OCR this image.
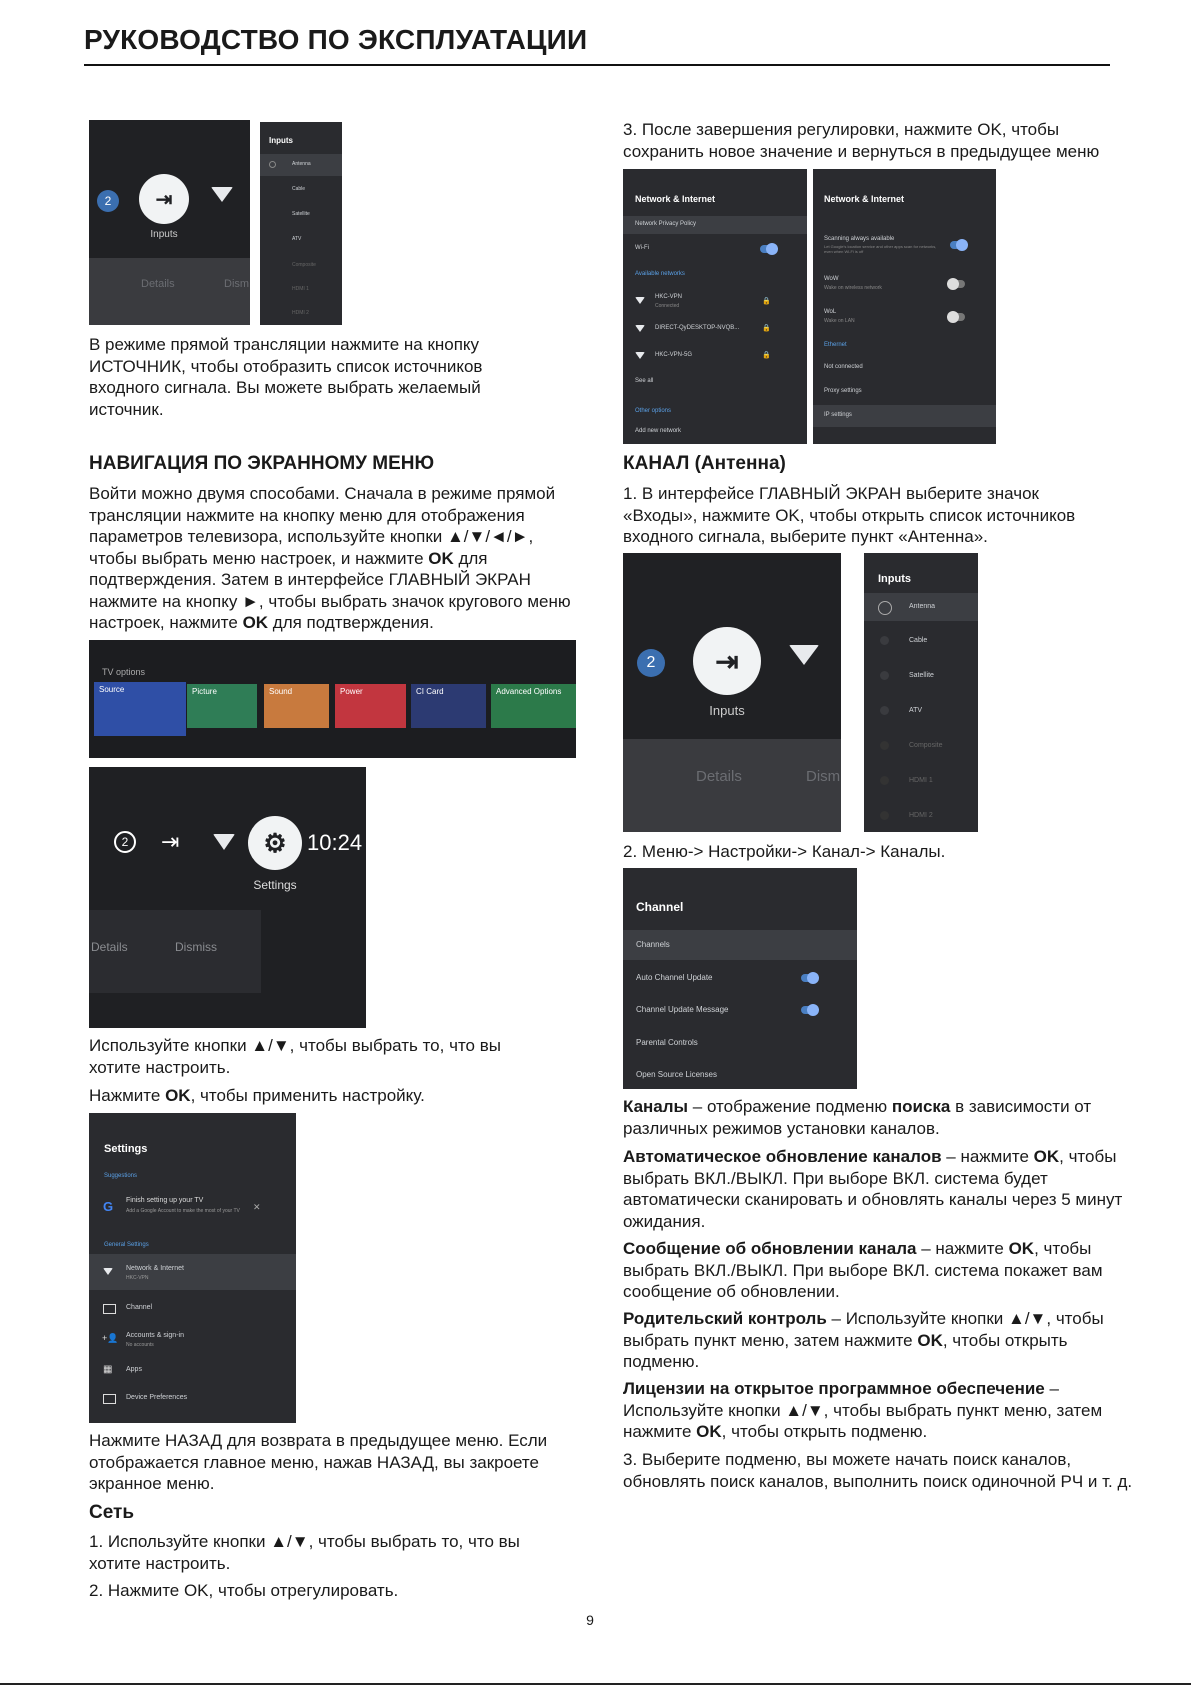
РУКОВОДСТВО ПО ЭКСПЛУАТАЦИИ
2	⇥
Inputs
Details	Dism
Inputs
Antenna
Cable
Satellite
ATV
Composite
HDMI 1
HDMI 2
В режиме прямой трансляции нажмите на кнопку ИСТОЧНИК, чтобы отобразить список источников входного сигнала. Вы можете выбрать желаемый источник.
НАВИГАЦИЯ ПО ЭКРАННОМУ МЕНЮ
Войти можно двумя способами. Сначала в режиме прямой трансляции нажмите на кнопку меню для отображения параметров телевизора, используйте кнопки ▲/▼/◄/►, чтобы выбрать меню настроек, и нажмите OK для подтверждения. Затем в интерфейсе ГЛАВНЫЙ ЭКРАН нажмите на кнопку ►, чтобы выбрать значок кругового меню настроек, нажмите OK для подтверждения.
TV options
Source	Picture	Sound	Power	CI Card	Advanced Options
2	⇥	⚙ 10:24
Settings
Details	Dismiss
Используйте кнопки ▲/▼, чтобы выбрать то, что вы хотите настроить.
Нажмите OK, чтобы применить настройку.
Settings
Suggestions
G Finish setting up your TV
Add a Google Account to make the most of your TV ✕
General Settings
Network & Internet
HKC-VPN
Channel
+👤 Accounts & sign-in
No accounts
▦ Apps
Device Preferences
Нажмите НАЗАД для возврата в предыдущее меню. Если отображается главное меню, нажав НАЗАД, вы закроете экранное меню.
Сеть
1. Используйте кнопки ▲/▼, чтобы выбрать то, что вы хотите настроить.
2. Нажмите OK, чтобы отрегулировать.
3. После завершения регулировки, нажмите OK, чтобы сохранить новое значение и вернуться в предыдущее меню
Network & Internet
Network Privacy Policy
Wi-Fi
Available networks
HKC-VPN
Connected
🔒
DIRECT-QyDESKTOP-NVQB...	🔒
HKC-VPN-5G	🔒
See all
Other options
Add new network
Network & Internet
Scanning always available
Let Google's location service and other apps scan for networks, even when Wi-Fi is off
WoW
Wake on wireless network
WoL
Wake on LAN
Ethernet
Not connected
Proxy settings
IP settings
КАНАЛ (Антенна)
1. В интерфейсе ГЛАВНЫЙ ЭКРАН выберите значок «Входы», нажмите OK, чтобы открыть список источников входного сигнала, выберите пункт «Антенна».
2	⇥
Inputs
Details	Dism
Inputs
Antenna
Cable
Satellite
ATV
Composite
HDMI 1
HDMI 2
2. Меню-> Настройки-> Канал-> Каналы.
Channel
Channels
Auto Channel Update
Channel Update Message
Parental Controls
Open Source Licenses
Каналы – отображение подменю поиска в зависимости от различных режимов установки каналов.
Автоматическое обновление каналов – нажмите OK, чтобы выбрать ВКЛ./ВЫКЛ. При выборе ВКЛ. система будет автоматически сканировать и обновлять каналы через 5 минут ожидания.
Сообщение об обновлении канала – нажмите OK, чтобы выбрать ВКЛ./ВЫКЛ. При выборе ВКЛ. система покажет вам сообщение об обновлении.
Родительский контроль – Используйте кнопки ▲/▼, чтобы выбрать пункт меню, затем нажмите OK, чтобы открыть подменю.
Лицензии на открытое программное обеспечение – Используйте кнопки ▲/▼, чтобы выбрать пункт меню, затем нажмите OK, чтобы открыть подменю.
3. Выберите подменю, вы можете начать поиск каналов, обновлять поиск каналов, выполнить поиск одиночной РЧ и т. д.
9
